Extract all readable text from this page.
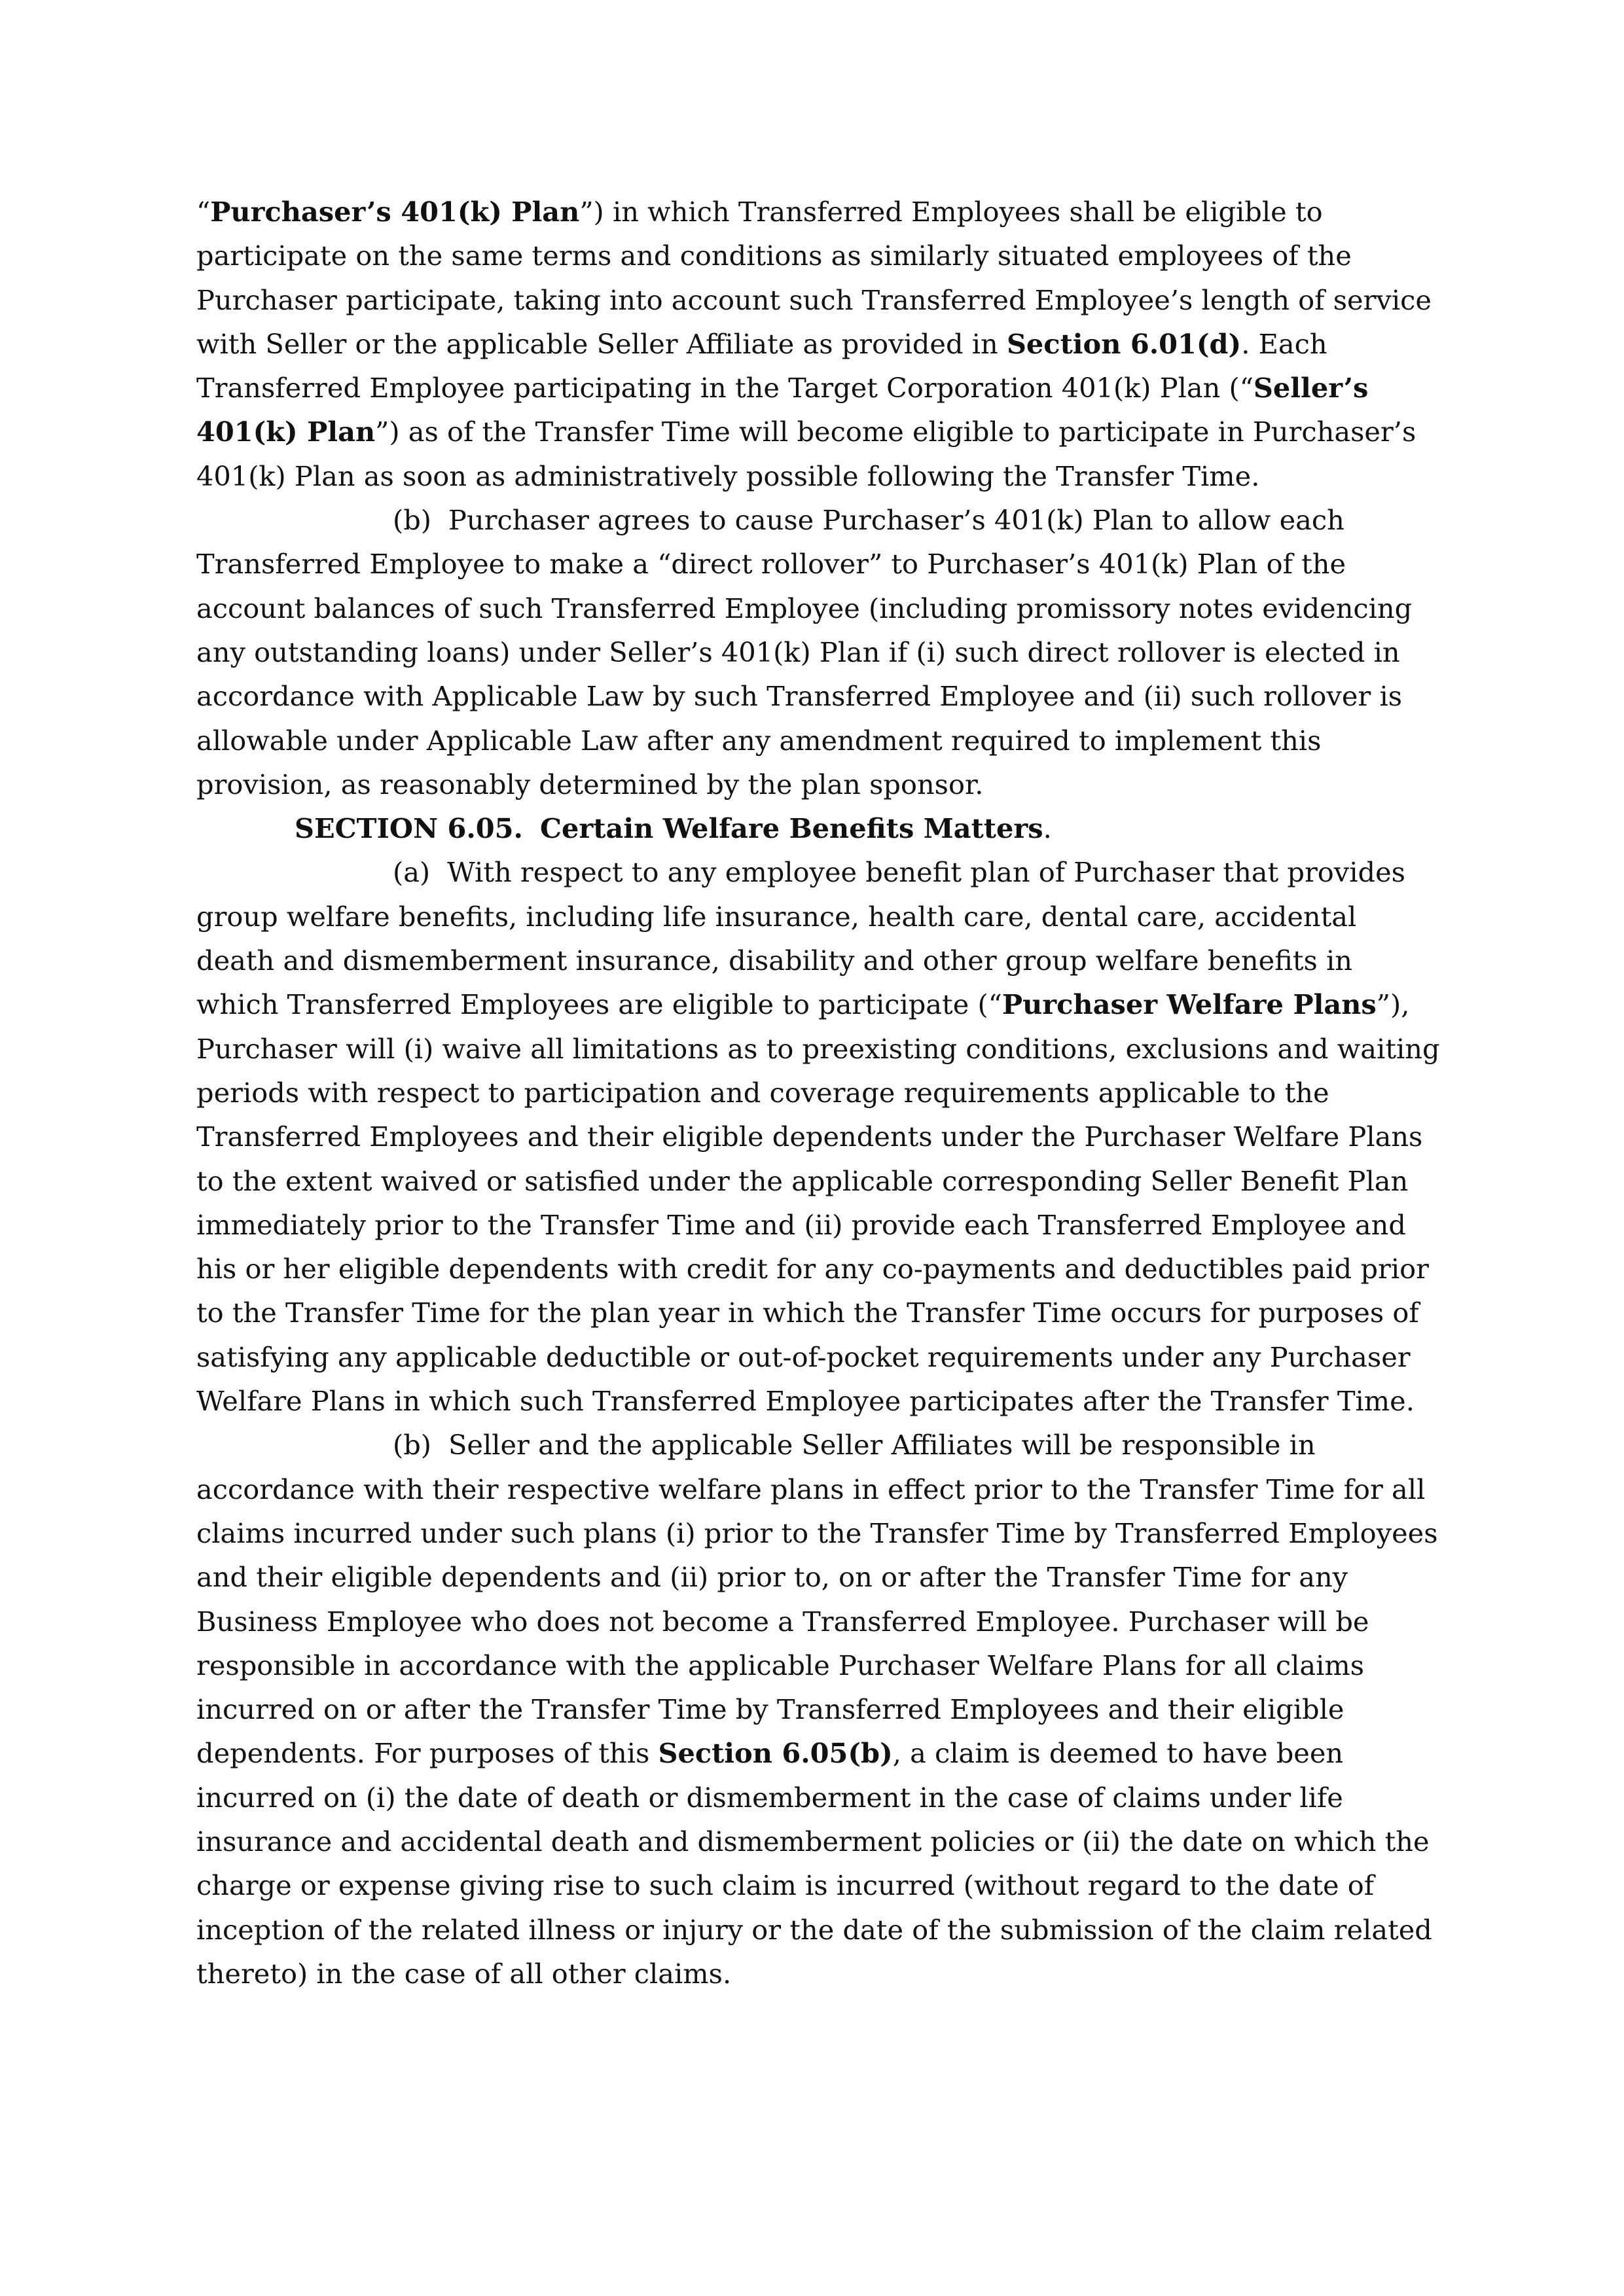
“Purchaser’s 401(k) Plan”) in which Transferred Employees shall be eligible to participate on the same terms and conditions as similarly situated employees of the Purchaser participate, taking into account such Transferred Employee’s length of service with Seller or the applicable Seller Affiliate as provided in Section 6.01(d). Each Transferred Employee participating in the Target Corporation 401(k) Plan (“Seller’s 401(k) Plan”) as of the Transfer Time will become eligible to participate in Purchaser’s 401(k) Plan as soon as administratively possible following the Transfer Time.

(b) Purchaser agrees to cause Purchaser’s 401(k) Plan to allow each Transferred Employee to make a “direct rollover” to Purchaser’s 401(k) Plan of the account balances of such Transferred Employee (including promissory notes evidencing any outstanding loans) under Seller’s 401(k) Plan if (i) such direct rollover is elected in accordance with Applicable Law by such Transferred Employee and (ii) such rollover is allowable under Applicable Law after any amendment required to implement this provision, as reasonably determined by the plan sponsor.

SECTION 6.05. Certain Welfare Benefits Matters.

(a) With respect to any employee benefit plan of Purchaser that provides group welfare benefits, including life insurance, health care, dental care, accidental death and dismemberment insurance, disability and other group welfare benefits in which Transferred Employees are eligible to participate (“Purchaser Welfare Plans”), Purchaser will (i) waive all limitations as to preexisting conditions, exclusions and waiting periods with respect to participation and coverage requirements applicable to the Transferred Employees and their eligible dependents under the Purchaser Welfare Plans to the extent waived or satisfied under the applicable corresponding Seller Benefit Plan immediately prior to the Transfer Time and (ii) provide each Transferred Employee and his or her eligible dependents with credit for any co-payments and deductibles paid prior to the Transfer Time for the plan year in which the Transfer Time occurs for purposes of satisfying any applicable deductible or out-of-pocket requirements under any Purchaser Welfare Plans in which such Transferred Employee participates after the Transfer Time.

(b) Seller and the applicable Seller Affiliates will be responsible in accordance with their respective welfare plans in effect prior to the Transfer Time for all claims incurred under such plans (i) prior to the Transfer Time by Transferred Employees and their eligible dependents and (ii) prior to, on or after the Transfer Time for any Business Employee who does not become a Transferred Employee. Purchaser will be responsible in accordance with the applicable Purchaser Welfare Plans for all claims incurred on or after the Transfer Time by Transferred Employees and their eligible dependents. For purposes of this Section 6.05(b), a claim is deemed to have been incurred on (i) the date of death or dismemberment in the case of claims under life insurance and accidental death and dismemberment policies or (ii) the date on which the charge or expense giving rise to such claim is incurred (without regard to the date of inception of the related illness or injury or the date of the submission of the claim related thereto) in the case of all other claims.
